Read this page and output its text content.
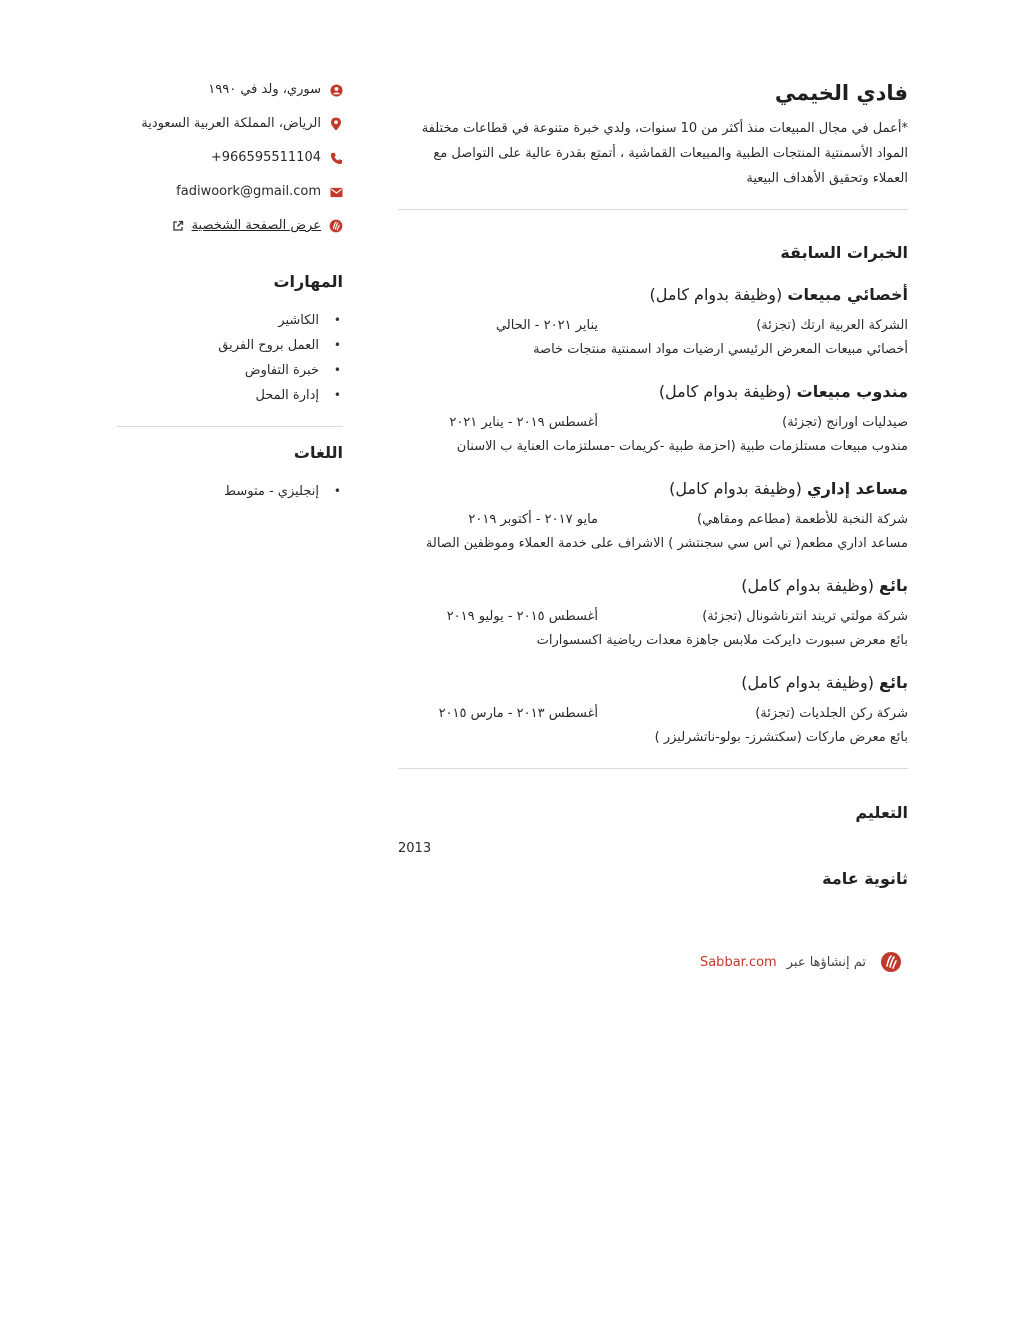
فادي الخيمي

*أعمل في مجال المبيعات منذ أكثر من 10 سنوات، ولدي خبرة متنوعة في قطاعات مختلفة المواد الأسمنتية المنتجات الطبية والمبيعات القماشية ، أتمتع بقدرة عالية على التواصل مع العملاء وتحقيق الأهداف البيعية

الخبرات السابقة
أخصائي مبيعات (وظيفة بدوام كامل)
الشركة العربية ارتك (تجزئة)
يناير ٢٠٢١ - الحالي
أخصائي مبيعات المعرض الرئيسي ارضيات مواد اسمنتية منتجات خاصة
مندوب مبيعات (وظيفة بدوام كامل)
صيدليات اورانج (تجزئة)
أغسطس ٢٠١٩ - يناير ٢٠٢١
مندوب مبيعات مستلزمات طبية (احزمة طبية -كريمات -مسلتزمات العناية ب الاسنان
مساعد إداري (وظيفة بدوام كامل)
شركة النخبة للأطعمة (مطاعم ومقاهي)
مايو ٢٠١٧ - أكتوبر ٢٠١٩
مساعد اداري مطعم( تي اس سي سجنتشر ) الاشراف على خدمة العملاء وموظفين الصالة
بائع (وظيفة بدوام كامل)
شركة مولتي تريند انترناشونال (تجزئة)
أغسطس ٢٠١٥ - يوليو ٢٠١٩
بائع معرض سبورت دايركت ملابس جاهزة معدات رياضية اكسسوارات
بائع (وظيفة بدوام كامل)
شركة ركن الجلديات (تجزئة)
أغسطس ٢٠١٣ - مارس ٢٠١٥
بائع معرض ماركات (سكتشرز- بولو-ناتشرليزر )
التعليم
2013
ثانوية عامة
تم إنشاؤها عبر
Sabbar.com
سوري، ولد في ١٩٩٠
الرياض، المملكة العربية السعودية
+966595511104
fadiwoork@gmail.com
عرض الصفحة الشخصية
المهارات
• الكاشير
• العمل بروح الفريق
• خبرة التفاوض
• إدارة المحل
اللغات
• إنجليزي - متوسط
